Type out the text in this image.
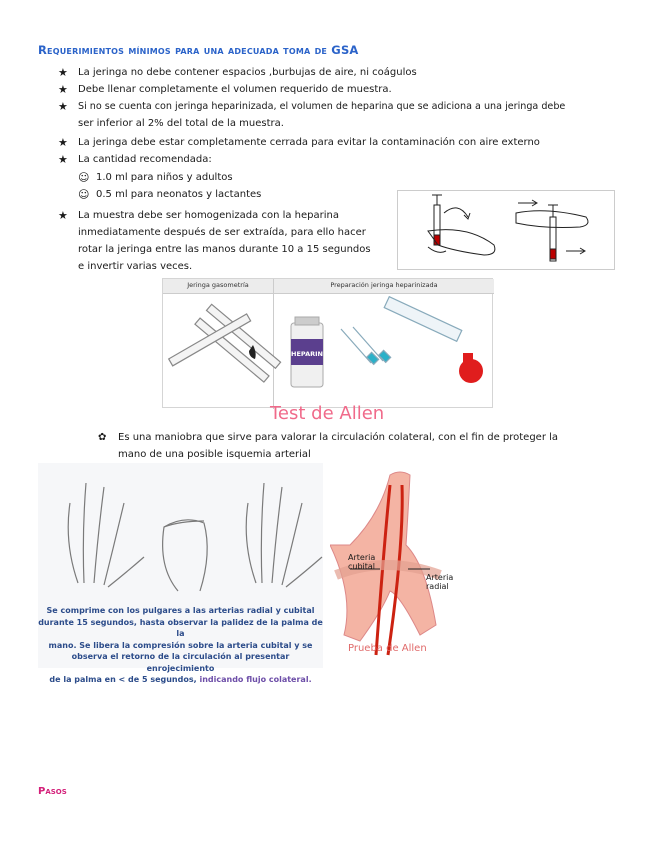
Requerimientos mínimos para una adecuada toma de GSA
★ La jeringa no debe contener espacios ,burbujas de aire, ni coágulos
★ Debe llenar completamente el volumen requerido de muestra.
★ Si no se cuenta con jeringa heparinizada, el volumen de heparina que se adiciona a una jeringa debe
ser inferior al 2% del total de la muestra.
★ La jeringa debe estar completamente cerrada para evitar la contaminación con aire externo
★ La cantidad recomendada:
☺ 1.0 ml para niños y adultos
☺ 0.5 ml para neonatos y lactantes
★ La muestra debe ser homogenizada con la heparina
inmediatamente después de ser extraída, para ello hacer
rotar la jeringa entre las manos durante 10 a 15 segundos
e invertir varias veces.
Jeringa gasometría	Preparación jeringa heparinizada
HEPARIN
Test de Allen
✿ Es una maniobra que sirve para valorar la circulación colateral, con el fin de proteger la
mano de una posible isquemia arterial
Se comprime con los pulgares a las arterias radial y cubital
durante 15 segundos, hasta observar la palidez de la palma de la
mano. Se libera la compresión sobre la arteria cubital y se
observa el retorno de la circulación al presentar enrojecimiento
de la palma en < de 5 segundos, indicando flujo colateral.
Arteria
cubital
Arteria
radial
Prueba de Allen
Pasos
